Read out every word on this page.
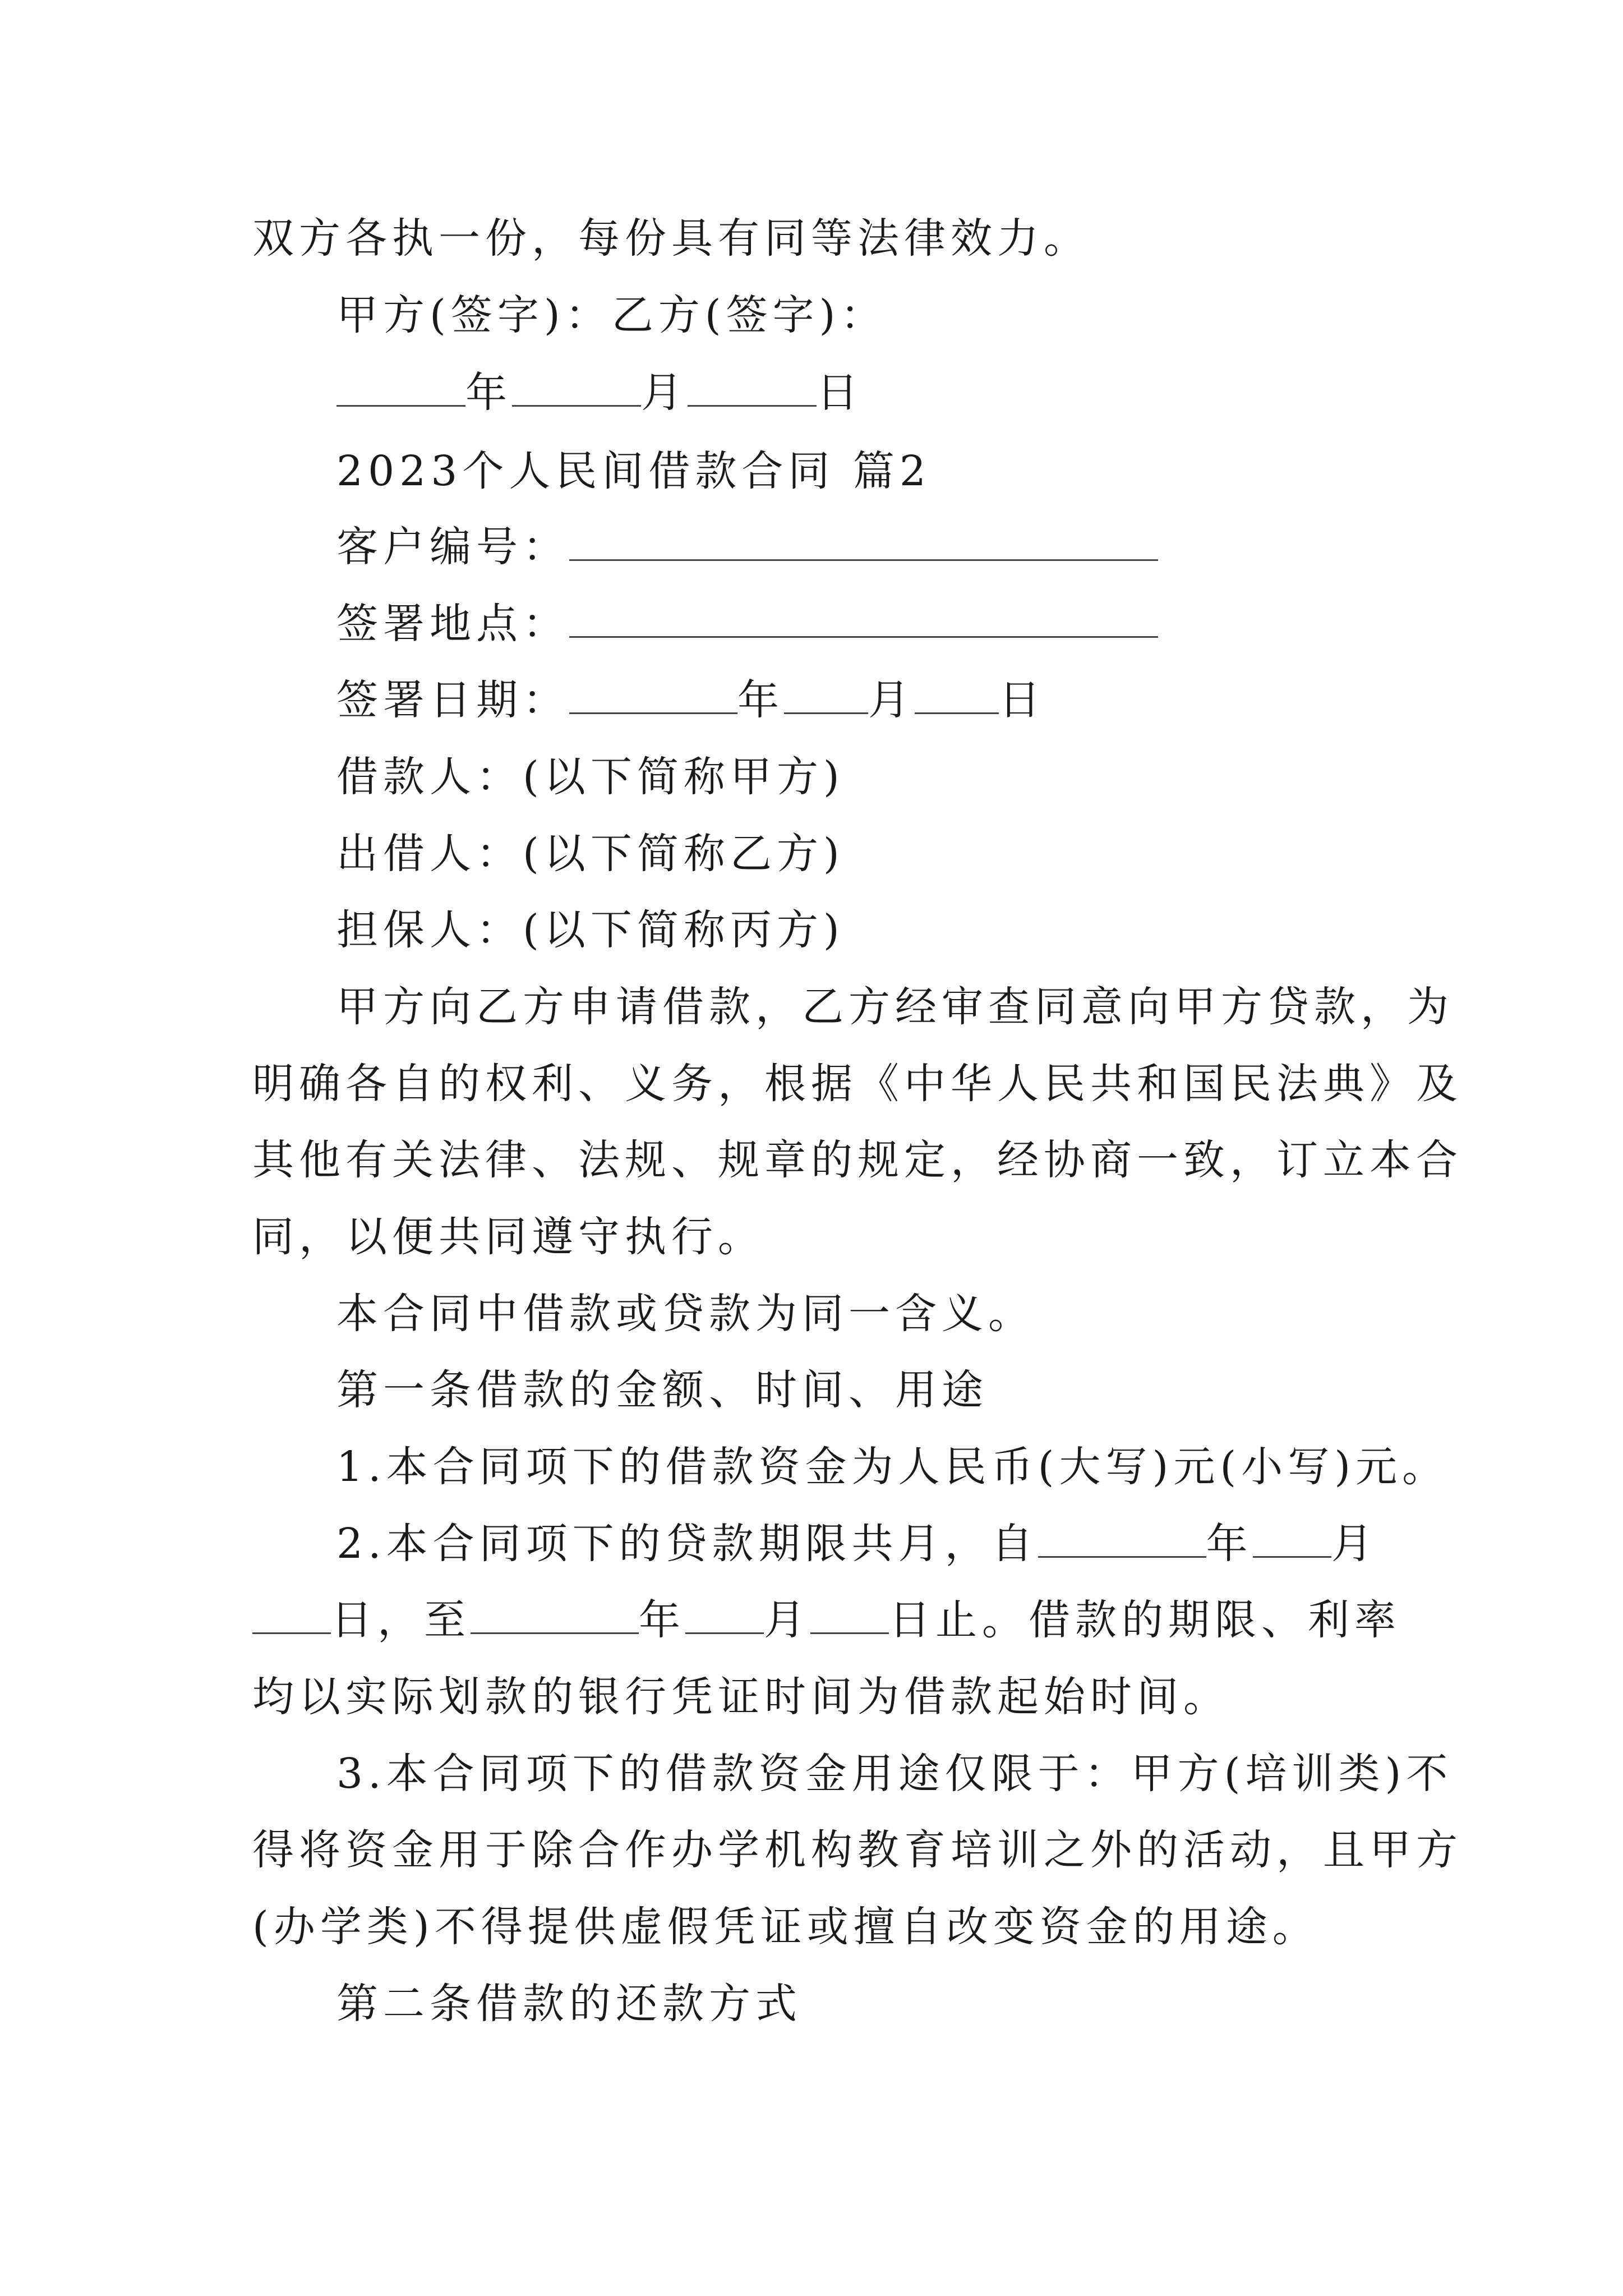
双方各执一份，每份具有同等法律效力。
甲方(签字)：乙方(签字)：
年	月	日
2023个人民间借款合同 篇2
客户编号：
签署地点：
签署日期：	年 月 日
借款人：(以下简称甲方)
出借人：(以下简称乙方)
担保人：(以下简称丙方)
甲方向乙方申请借款，乙方经审查同意向甲方贷款，为
明确各自的权利、义务，根据《中华人民共和国民法典》及
其他有关法律、法规、规章的规定，经协商一致，订立本合
同，以便共同遵守执行。
本合同中借款或贷款为同一含义。
第一条借款的金额、时间、用途
1.本合同项下的借款资金为人民币(大写)元(小写)元。
2.本合同项下的贷款期限共月，自	年 月
日，至	年 月 日止。借款的期限、利率
均以实际划款的银行凭证时间为借款起始时间。
3.本合同项下的借款资金用途仅限于：甲方(培训类)不
得将资金用于除合作办学机构教育培训之外的活动，且甲方
(办学类)不得提供虚假凭证或擅自改变资金的用途。
第二条借款的还款方式
